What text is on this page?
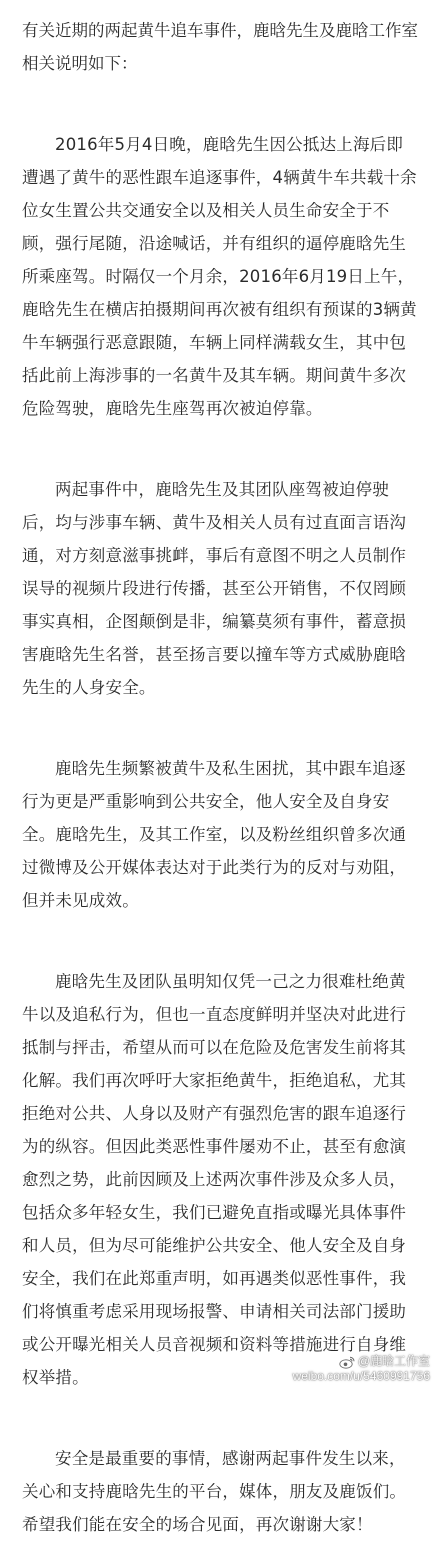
有关近期的两起黄牛追车事件，鹿晗先生及鹿晗工作室相关说明如下：

2016年5月4日晚，鹿晗先生因公抵达上海后即遭遇了黄牛的恶性跟车追逐事件，4辆黄牛车共载十余位女生置公共交通安全以及相关人员生命安全于不顾，强行尾随，沿途喊话，并有组织的逼停鹿晗先生所乘座驾。时隔仅一个月余，2016年6月19日上午，鹿晗先生在横店拍摄期间再次被有组织有预谋的3辆黄牛车辆强行恶意跟随，车辆上同样满载女生，其中包括此前上海涉事的一名黄牛及其车辆。期间黄牛多次危险驾驶，鹿晗先生座驾再次被迫停靠。

两起事件中，鹿晗先生及其团队座驾被迫停驶后，均与涉事车辆、黄牛及相关人员有过直面言语沟通，对方刻意滋事挑衅，事后有意图不明之人员制作误导的视频片段进行传播，甚至公开销售，不仅罔顾事实真相，企图颠倒是非，编纂莫须有事件，蓄意损害鹿晗先生名誉，甚至扬言要以撞车等方式威胁鹿晗先生的人身安全。

鹿晗先生频繁被黄牛及私生困扰，其中跟车追逐行为更是严重影响到公共安全，他人安全及自身安全。鹿晗先生，及其工作室，以及粉丝组织曾多次通过微博及公开媒体表达对于此类行为的反对与劝阻，但并未见成效。

鹿晗先生及团队虽明知仅凭一己之力很难杜绝黄牛以及追私行为，但也一直态度鲜明并坚决对此进行抵制与抨击，希望从而可以在危险及危害发生前将其化解。我们再次呼吁大家拒绝黄牛，拒绝追私，尤其拒绝对公共、人身以及财产有强烈危害的跟车追逐行为的纵容。但因此类恶性事件屡劝不止，甚至有愈演愈烈之势，此前因顾及上述两次事件涉及众多人员，包括众多年轻女生，我们已避免直指或曝光具体事件和人员，但为尽可能维护公共安全、他人安全及自身安全，我们在此郑重声明，如再遇类似恶性事件，我们将慎重考虑采用现场报警、申请相关司法部门援助或公开曝光相关人员音视频和资料等措施进行自身维权举措。

安全是最重要的事情，感谢两起事件发生以来，关心和支持鹿晗先生的平台，媒体，朋友及鹿饭们。希望我们能在安全的场合见面，再次谢谢大家！

@鹿晗工作室
weibo.com/u/5460991756
